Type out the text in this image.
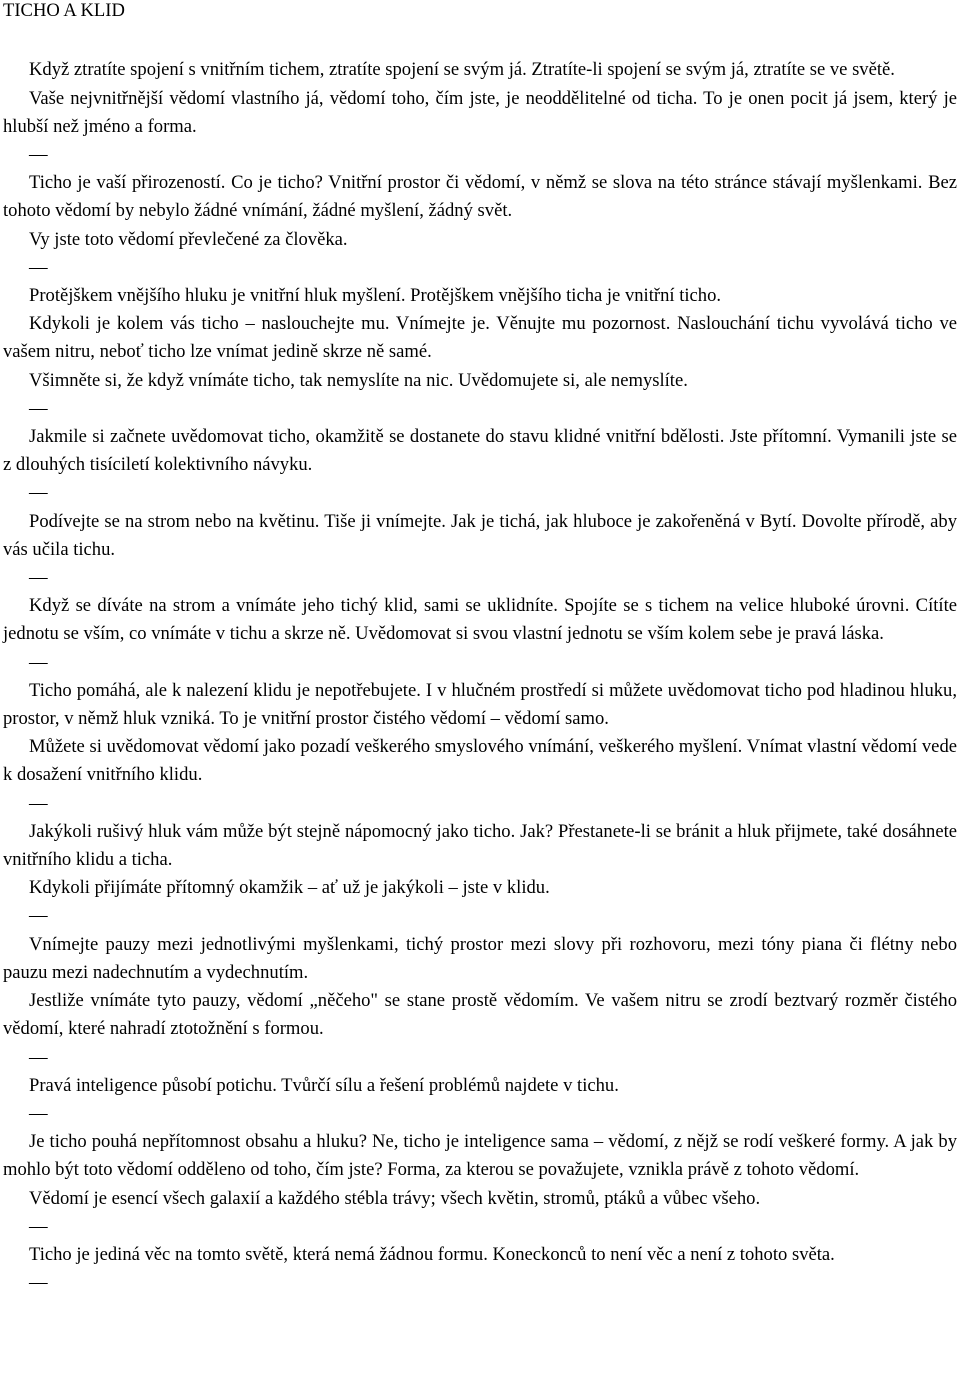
TICHO A KLID

Když ztratíte spojení s vnitřním tichem, ztratíte spojení se svým já. Ztratíte-li spojení se svým já, ztratíte se ve světě.

Vaše nejvnitřnější vědomí vlastního já, vědomí toho, čím jste, je neoddělitelné od ticha. To je onen pocit já jsem, který je hlubší než jméno a forma.

—

Ticho je vaší přirozeností. Co je ticho? Vnitřní prostor či vědomí, v němž se slova na této stránce stávají myšlenkami. Bez tohoto vědomí by nebylo žádné vnímání, žádné myšlení, žádný svět.

Vy jste toto vědomí převlečené za člověka.

—

Protějškem vnějšího hluku je vnitřní hluk myšlení. Protějškem vnějšího ticha je vnitřní ticho.

Kdykoli je kolem vás ticho – naslouchejte mu. Vnímejte je. Věnujte mu pozornost. Naslouchání tichu vyvolává ticho ve vašem nitru, neboť ticho lze vnímat jedině skrze ně samé.

Všimněte si, že když vnímáte ticho, tak nemyslíte na nic. Uvědomujete si, ale nemyslíte.

—

Jakmile si začnete uvědomovat ticho, okamžitě se dostanete do stavu klidné vnitřní bdělosti. Jste přítomní. Vymanili jste se z dlouhých tisíciletí kolektivního návyku.

—

Podívejte se na strom nebo na květinu. Tiše ji vnímejte. Jak je tichá, jak hluboce je zakořeněná v Bytí. Dovolte přírodě, aby vás učila tichu.

—

Když se díváte na strom a vnímáte jeho tichý klid, sami se uklidníte. Spojíte se s tichem na velice hluboké úrovni. Cítíte jednotu se vším, co vnímáte v tichu a skrze ně. Uvědomovat si svou vlastní jednotu se vším kolem sebe je pravá láska.

—

Ticho pomáhá, ale k nalezení klidu je nepotřebujete. I v hlučném prostředí si můžete uvědomovat ticho pod hladinou hluku, prostor, v němž hluk vzniká. To je vnitřní prostor čistého vědomí – vědomí samo.

Můžete si uvědomovat vědomí jako pozadí veškerého smyslového vnímání, veškerého myšlení. Vnímat vlastní vědomí vede k dosažení vnitřního klidu.

—

Jakýkoli rušivý hluk vám může být stejně nápomocný jako ticho. Jak? Přestanete-li se bránit a hluk přijmete, také dosáhnete vnitřního klidu a ticha.

Kdykoli přijímáte přítomný okamžik – ať už je jakýkoli – jste v klidu.

—

Vnímejte pauzy mezi jednotlivými myšlenkami, tichý prostor mezi slovy při rozhovoru, mezi tóny piana či flétny nebo pauzu mezi nadechnutím a vydechnutím.

Jestliže vnímáte tyto pauzy, vědomí „něčeho" se stane prostě vědomím. Ve vašem nitru se zrodí beztvarý rozměr čistého vědomí, které nahradí ztotožnění s formou.

—

Pravá inteligence působí potichu. Tvůrčí sílu a řešení problémů najdete v tichu.

—

Je ticho pouhá nepřítomnost obsahu a hluku? Ne, ticho je inteligence sama – vědomí, z nějž se rodí veškeré formy. A jak by mohlo být toto vědomí odděleno od toho, čím jste? Forma, za kterou se považujete, vznikla právě z tohoto vědomí.

Vědomí je esencí všech galaxií a každého stébla trávy; všech květin, stromů, ptáků a vůbec všeho.

—

Ticho je jediná věc na tomto světě, která nemá žádnou formu. Koneckonců to není věc a není z tohoto světa.

—
